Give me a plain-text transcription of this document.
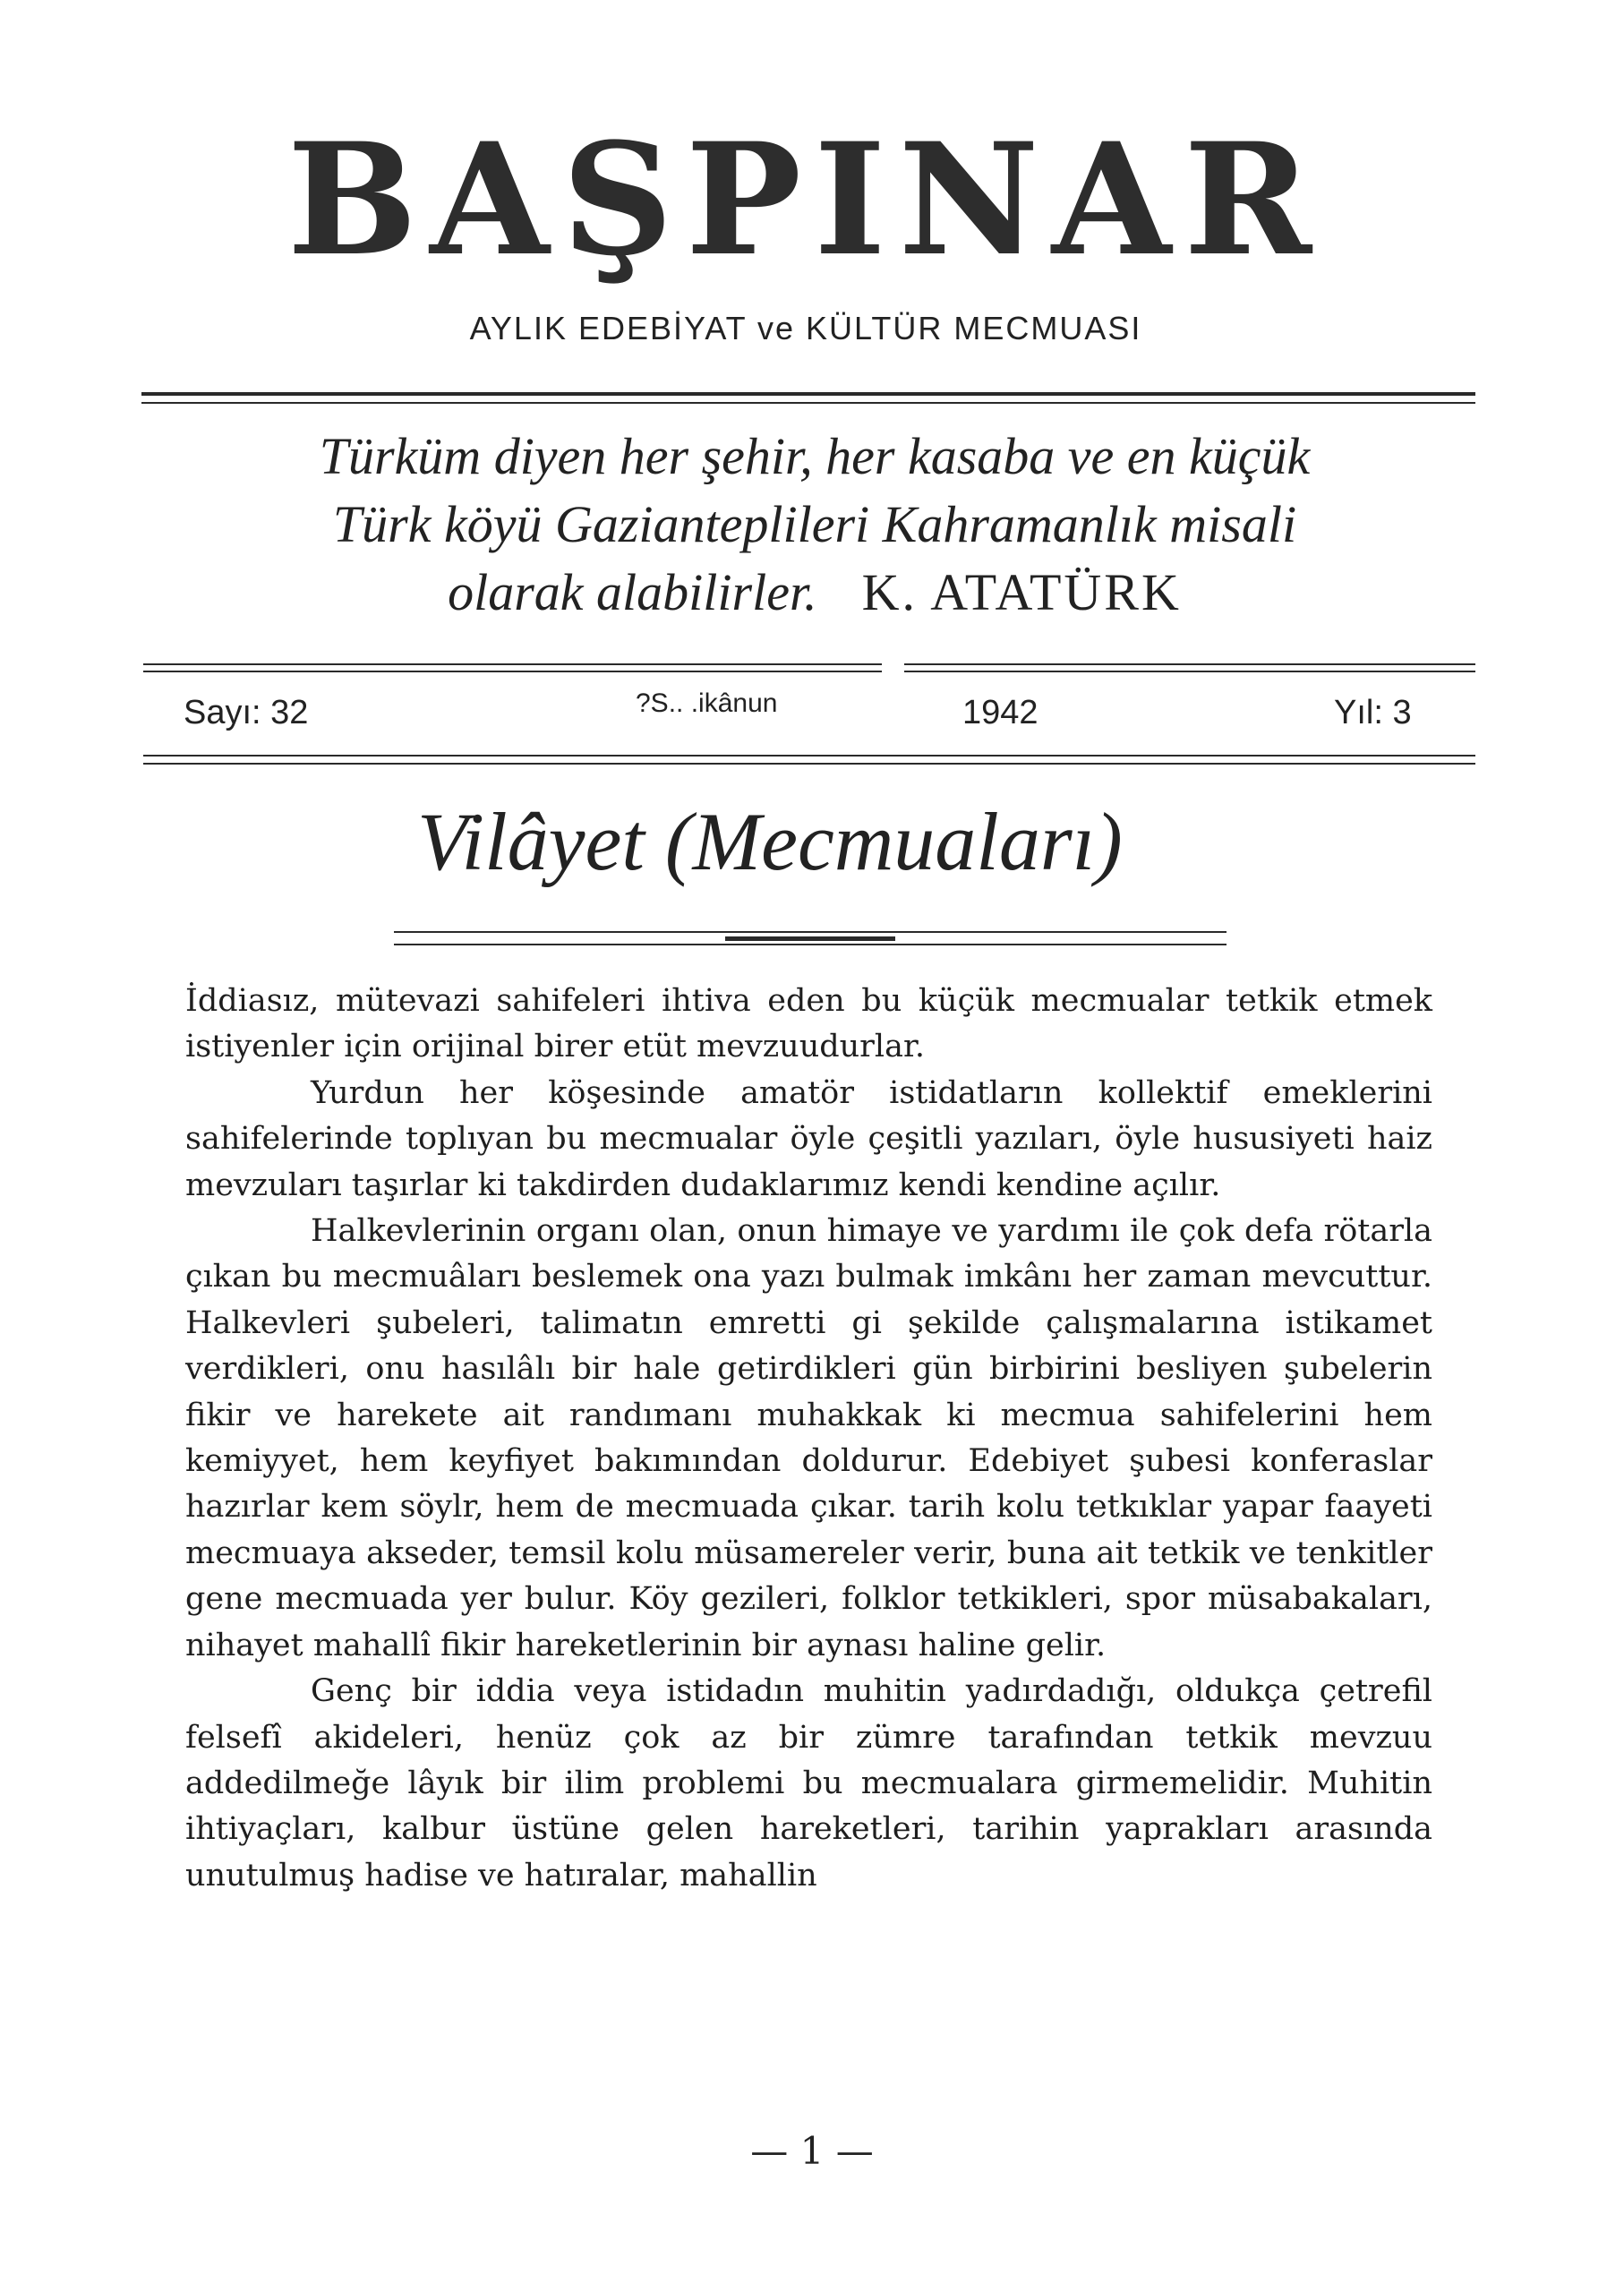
BAŞPINAR
AYLIK EDEBİYAT ve KÜLTÜR MECMUASI
Türküm diyen her şehir, her kasaba ve en küçük
Türk köyü Gazianteplileri Kahramanlık misali
olarak alabilirler. K. ATATÜRK
Sayı: 32	?S.. .ikânun	1942	Yıl: 3
Vilâyet (Mecmuaları)

İddiasız, mütevazi sahifeleri ihtiva eden bu küçük mecmualar tetkik etmek istiyenler için orijinal birer etüt mevzuudurlar.

Yurdun her köşesinde amatör istidatların kollektif emeklerini sahifelerinde toplıyan bu mecmualar öyle çeşitli yazıları, öyle hususiyeti haiz mevzuları taşırlar ki takdirden dudaklarımız kendi kendine açılır.

Halkevlerinin organı olan, onun himaye ve yardımı ile çok defa rötarla çıkan bu mecmuâları beslemek ona yazı bulmak imkânı her zaman mevcuttur. Halkevleri şubeleri, talimatın emretti gi şekilde çalışmalarına istikamet verdikleri, onu hasılâlı bir hale getirdikleri gün birbirini besliyen şubelerin fikir ve harekete ait randımanı muhakkak ki mecmua sahifelerini hem kemiyyet, hem keyfiyet bakımından doldurur. Edebiyet şubesi konferaslar hazırlar kem söylr, hem de mecmuada çıkar. tarih kolu tetkıklar yapar faayeti mecmuaya akseder, temsil kolu müsamereler verir, buna ait tetkik ve tenkitler gene mecmuada yer bulur. Köy gezileri, folklor tetkikleri, spor müsabakaları, nihayet mahallî fikir hareketlerinin bir aynası haline gelir.

Genç bir iddia veya istidadın muhitin yadırdadığı, oldukça çetrefil felsefî akideleri, henüz çok az bir zümre tarafından tetkik mevzuu addedilmeğe lâyık bir ilim problemi bu mecmualara girmemelidir. Muhitin ihtiyaçları, kalbur üstüne gelen hareketleri, tarihin yaprakları arasında unutulmuş hadise ve hatıralar, mahallin

— 1 —
